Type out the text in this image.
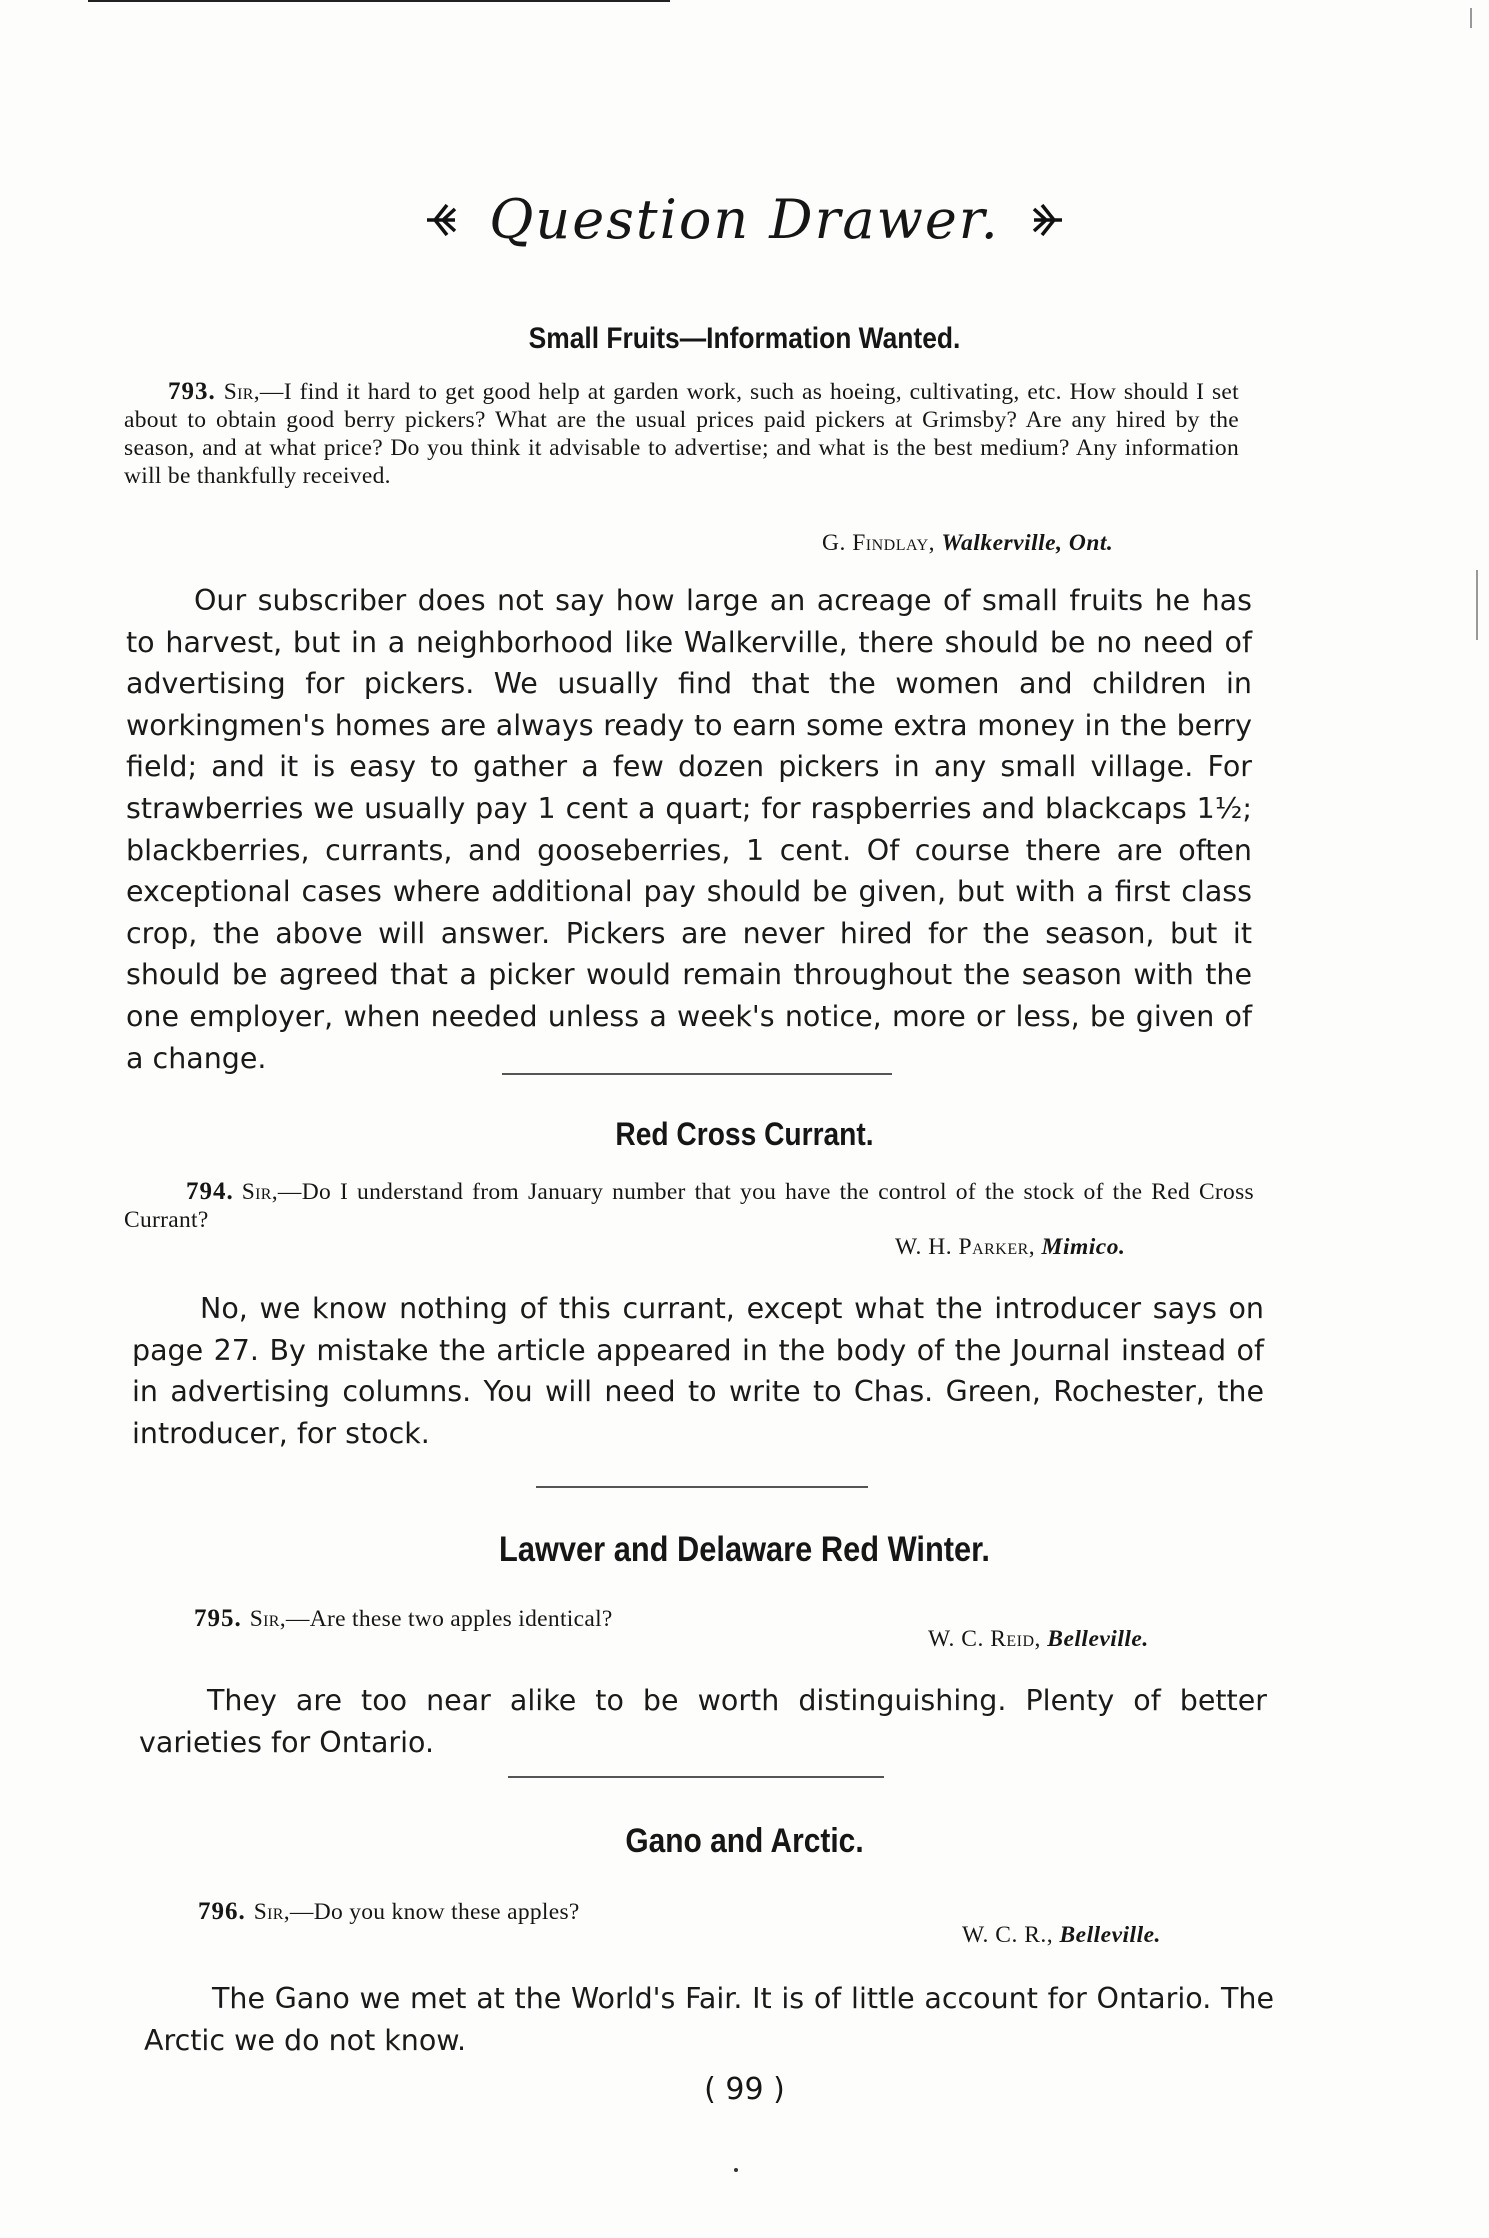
Question Drawer.
Small Fruits—Information Wanted.
793. Sir,—I find it hard to get good help at garden work, such as hoeing, cultivating, etc. How should I set about to obtain good berry pickers? What are the usual prices paid pickers at Grimsby? Are any hired by the season, and at what price? Do you think it advisable to advertise; and what is the best medium? Any information will be thankfully received.
G. Findlay, Walkerville, Ont.

Our subscriber does not say how large an acreage of small fruits he has to harvest, but in a neighborhood like Walkerville, there should be no need of advertising for pickers. We usually find that the women and children in workingmen's homes are always ready to earn some extra money in the berry field; and it is easy to gather a few dozen pickers in any small village. For strawberries we usually pay 1 cent a quart; for raspberries and blackcaps 1½; blackberries, currants, and gooseberries, 1 cent. Of course there are often exceptional cases where additional pay should be given, but with a first class crop, the above will answer. Pickers are never hired for the season, but it should be agreed that a picker would remain throughout the season with the one employer, when needed unless a week's notice, more or less, be given of a change.

Red Cross Currant.
794. Sir,—Do I understand from January number that you have the control of the stock of the Red Cross Currant?
W. H. Parker, Mimico.

No, we know nothing of this currant, except what the introducer says on page 27. By mistake the article appeared in the body of the Journal instead of in advertising columns. You will need to write to Chas. Green, Rochester, the introducer, for stock.

Lawver and Delaware Red Winter.
795. Sir,—Are these two apples identical?
W. C. Reid, Belleville.

They are too near alike to be worth distinguishing. Plenty of better varieties for Ontario.

Gano and Arctic.
796. Sir,—Do you know these apples?
W. C. R., Belleville.

The Gano we met at the World's Fair. It is of little account for Ontario. The Arctic we do not know.

( 99 )
